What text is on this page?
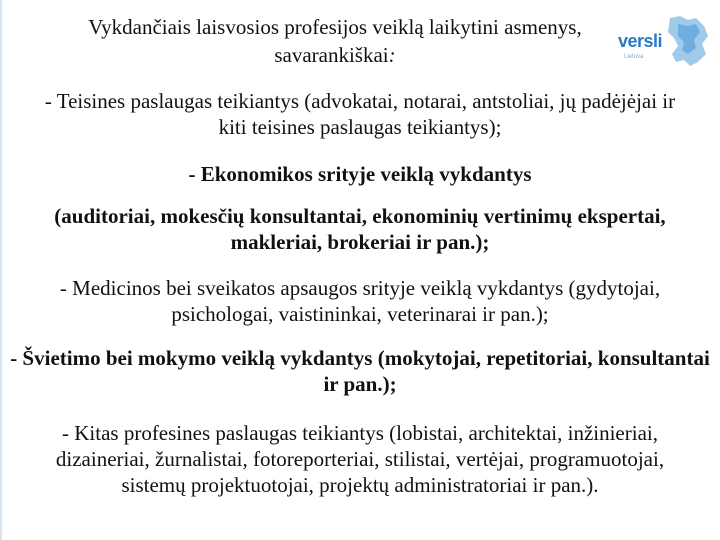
versli
Lietuva

Vykdančiais laisvosios profesijos veiklą laikytini asmenys, savarankiškai:

- Teisines paslaugas teikiantys (advokatai, notarai, antstoliai, jų padėjėjai ir kiti teisines paslaugas teikiantys);

- Ekonomikos srityje veiklą vykdantys

(auditoriai, mokesčių konsultantai, ekonominių vertinimų ekspertai, makleriai, brokeriai ir pan.);

- Medicinos bei sveikatos apsaugos srityje veiklą vykdantys (gydytojai, psichologai, vaistininkai, veterinarai ir pan.);

- Švietimo bei mokymo veiklą vykdantys (mokytojai, repetitoriai, konsultantai ir pan.);

- Kitas profesines paslaugas teikiantys (lobistai, architektai, inžinieriai, dizaineriai, žurnalistai, fotoreporteriai, stilistai, vertėjai, programuotojai, sistemų projektuotojai, projektų administratoriai ir pan.).
